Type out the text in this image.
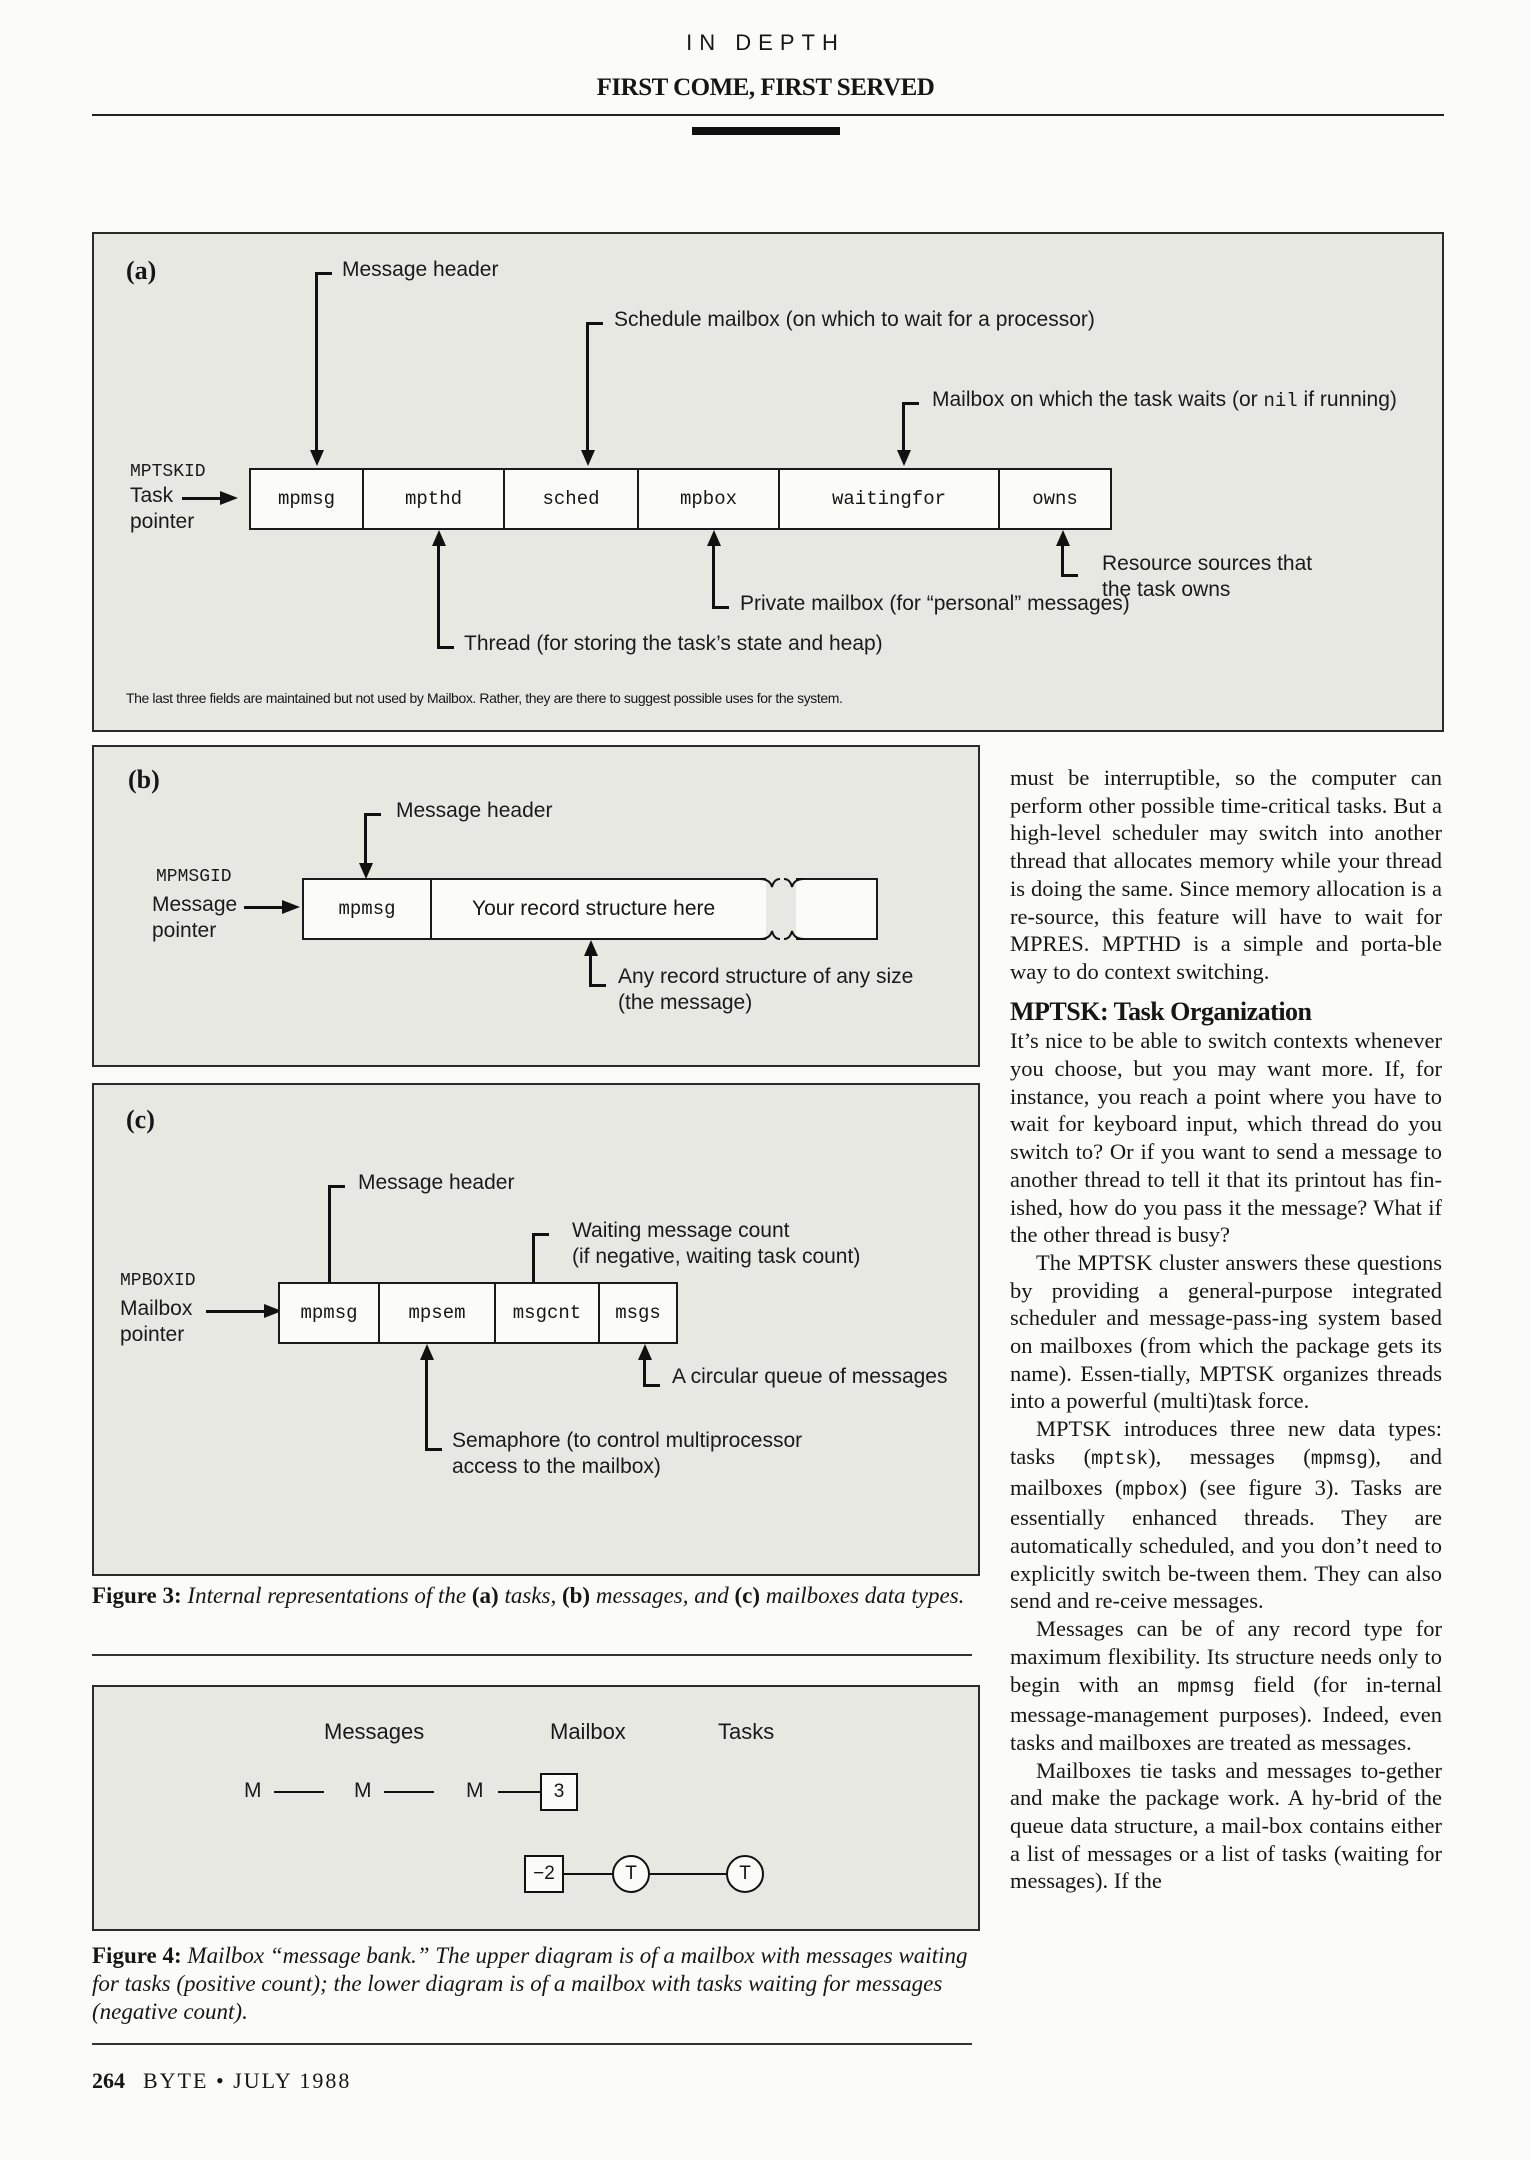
IN DEPTH
FIRST COME, FIRST SERVED
(a)	Message header
Schedule mailbox (on which to wait for a processor)
Mailbox on which the task waits (or nil if running)
MPTSKID
Task
pointer
mpmsg	mpthd	sched	mpbox	waitingfor	owns
Resource sources that
the task owns
Private mailbox (for “personal” messages)
Thread (for storing the task’s state and heap)
The last three fields are maintained but not used by Mailbox. Rather, they are there to suggest possible uses for the system.
(b)
Message header
MPMSGID
Message
pointer
mpmsg	Your record structure here
Any record structure of any size
(the message)
(c)
Message header
Waiting message count
(if negative, waiting task count)
MPBOXID
Mailbox
pointer
mpmsg	mpsem	msgcnt	msgs
A circular queue of messages
Semaphore (to control multiprocessor
access to the mailbox)
Figure 3: Internal representations of the (a) tasks, (b) messages, and (c) mailboxes data types.
Messages	Mailbox	Tasks
M	M	M	3
−2	T	T
Figure 4: Mailbox “message bank.” The upper diagram is of a mailbox with messages waiting for tasks (positive count); the lower diagram is of a mailbox with tasks waiting for messages (negative count).

must be interruptible, so the computer can perform other possible time-critical tasks. But a high-level scheduler may switch into another thread that allocates memory while your thread is doing the same. Since memory allocation is a re-source, this feature will have to wait for MPRES. MPTHD is a simple and porta-ble way to do context switching.

MPTSK: Task Organization

It’s nice to be able to switch contexts whenever you choose, but you may want more. If, for instance, you reach a point where you have to wait for keyboard input, which thread do you switch to? Or if you want to send a message to another thread to tell it that its printout has fin-ished, how do you pass it the message? What if the other thread is busy?

The MPTSK cluster answers these questions by providing a general-purpose integrated scheduler and message-pass-ing system based on mailboxes (from which the package gets its name). Essen-tially, MPTSK organizes threads into a powerful (multi)task force.

MPTSK introduces three new data types: tasks (mptsk), messages (mpmsg), and mailboxes (mpbox) (see figure 3). Tasks are essentially enhanced threads. They are automatically scheduled, and you don’t need to explicitly switch be-tween them. They can also send and re-ceive messages.

Messages can be of any record type for maximum flexibility. Its structure needs only to begin with an mpmsg field (for in-ternal message-management purposes). Indeed, even tasks and mailboxes are treated as messages.

Mailboxes tie tasks and messages to-gether and make the package work. A hy-brid of the queue data structure, a mail-box contains either a list of messages or a list of tasks (waiting for messages). If the

264 BYTE • JULY 1988
